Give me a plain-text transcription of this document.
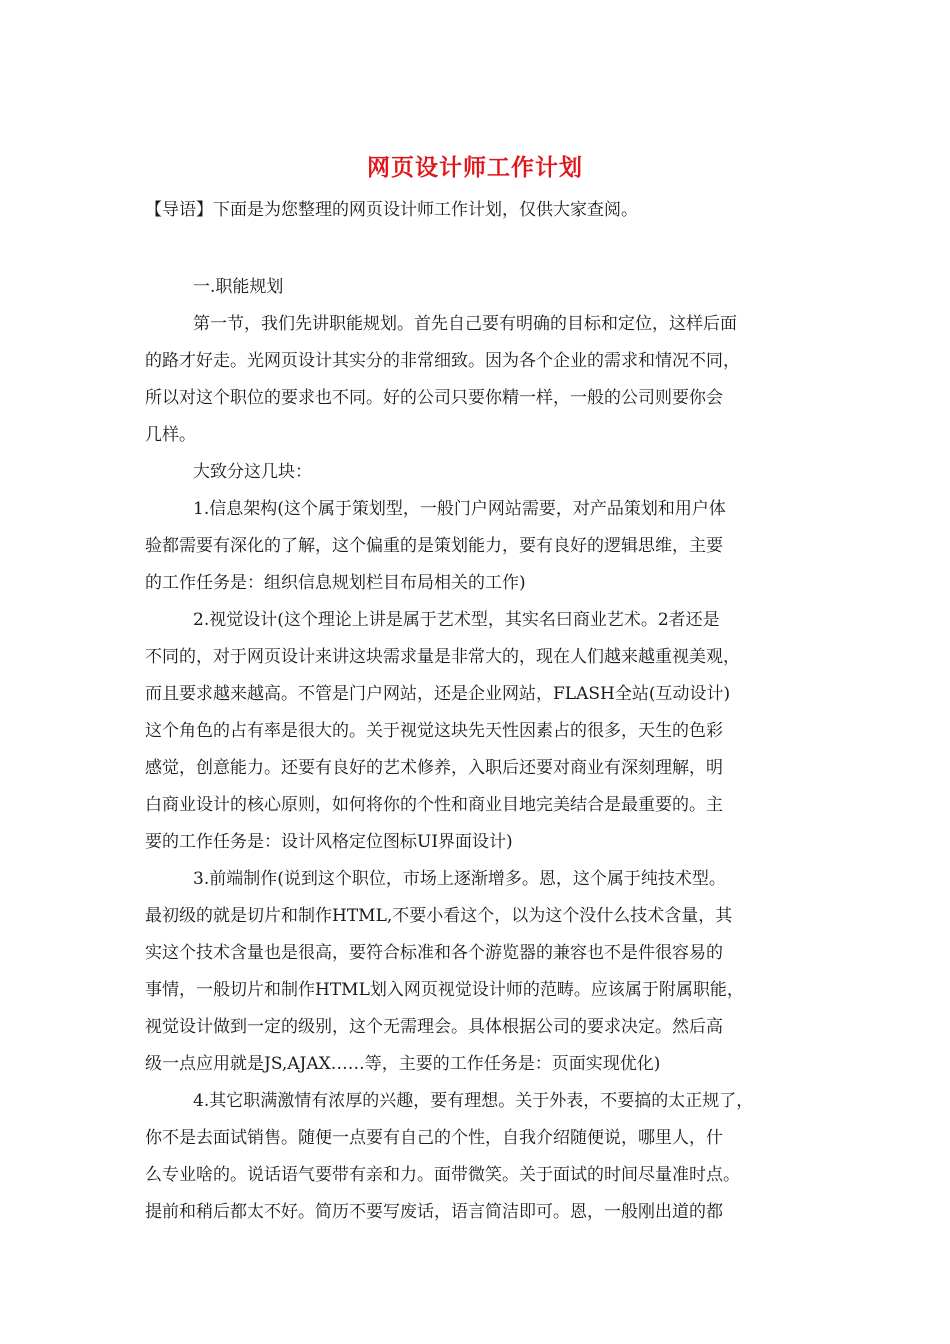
网页设计师工作计划
【导语】下面是为您整理的网页设计师工作计划，仅供大家查阅。
一.职能规划
第一节，我们先讲职能规划。首先自己要有明确的目标和定位，这样后面
的路才好走。光网页设计其实分的非常细致。因为各个企业的需求和情况不同，
所以对这个职位的要求也不同。好的公司只要你精一样，一般的公司则要你会
几样。
大致分这几块：
1.信息架构(这个属于策划型，一般门户网站需要，对产品策划和用户体
验都需要有深化的了解，这个偏重的是策划能力，要有良好的逻辑思维，主要
的工作任务是：组织信息规划栏目布局相关的工作)
2.视觉设计(这个理论上讲是属于艺术型，其实名曰商业艺术。2者还是
不同的，对于网页设计来讲这块需求量是非常大的，现在人们越来越重视美观，
而且要求越来越高。不管是门户网站，还是企业网站，FLASH全站(互动设计)
这个角色的占有率是很大的。关于视觉这块先天性因素占的很多，天生的色彩
感觉，创意能力。还要有良好的艺术修养，入职后还要对商业有深刻理解，明
白商业设计的核心原则，如何将你的个性和商业目地完美结合是最重要的。主
要的工作任务是：设计风格定位图标UI界面设计)
3.前端制作(说到这个职位，市场上逐渐增多。恩，这个属于纯技术型。
最初级的就是切片和制作HTML,不要小看这个，以为这个没什么技术含量，其
实这个技术含量也是很高，要符合标准和各个游览器的兼容也不是件很容易的
事情，一般切片和制作HTML划入网页视觉设计师的范畴。应该属于附属职能，
视觉设计做到一定的级别，这个无需理会。具体根据公司的要求决定。然后高
级一点应用就是JS,AJAX……等，主要的工作任务是：页面实现优化)
4.其它职满激情有浓厚的兴趣，要有理想。关于外表，不要搞的太正规了，
你不是去面试销售。随便一点要有自己的个性，自我介绍随便说，哪里人，什
么专业啥的。说话语气要带有亲和力。面带微笑。关于面试的时间尽量准时点。
提前和稍后都太不好。简历不要写废话，语言简洁即可。恩，一般刚出道的都
